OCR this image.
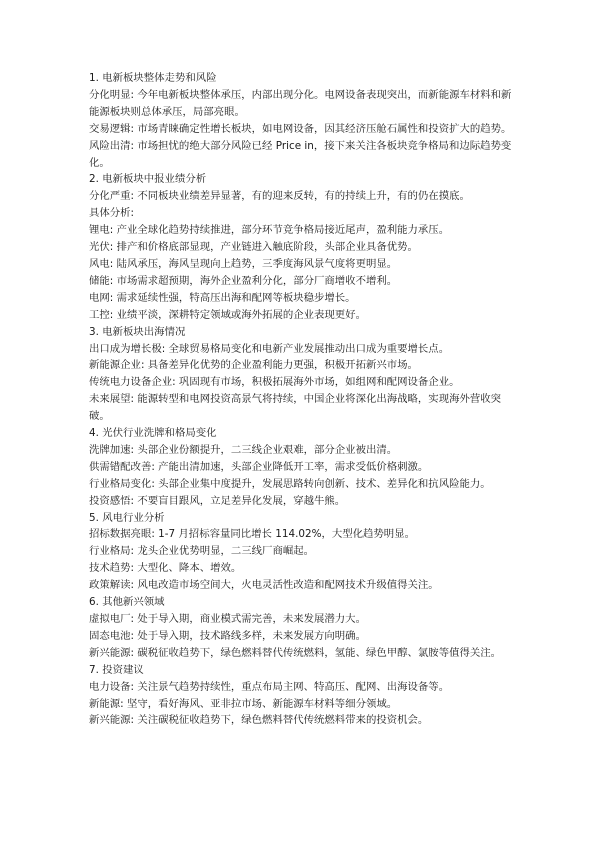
1. 电新板块整体走势和风险

分化明显: 今年电新板块整体承压，内部出现分化。电网设备表现突出，而新能源车材料和新能源板块则总体承压，局部亮眼。

交易逻辑: 市场青睐确定性增长板块，如电网设备，因其经济压舱石属性和投资扩大的趋势。

风险出清: 市场担忧的绝大部分风险已经 Price in，接下来关注各板块竞争格局和边际趋势变化。

2. 电新板块中报业绩分析

分化严重: 不同板块业绩差异显著，有的迎来反转，有的持续上升，有的仍在摸底。

具体分析:

锂电: 产业全球化趋势持续推进，部分环节竞争格局接近尾声，盈利能力承压。

光伏: 排产和价格底部显现，产业链进入触底阶段，头部企业具备优势。

风电: 陆风承压，海风呈现向上趋势，三季度海风景气度将更明显。

储能: 市场需求超预期，海外企业盈利分化，部分厂商增收不增利。

电网: 需求延续性强，特高压出海和配网等板块稳步增长。

工控: 业绩平淡，深耕特定领域或海外拓展的企业表现更好。

3. 电新板块出海情况

出口成为增长极: 全球贸易格局变化和电新产业发展推动出口成为重要增长点。

新能源企业: 具备差异化优势的企业盈利能力更强，积极开拓新兴市场。

传统电力设备企业: 巩固现有市场，积极拓展海外市场，如组网和配网设备企业。

未来展望: 能源转型和电网投资高景气将持续，中国企业将深化出海战略，实现海外营收突破。

4. 光伏行业洗牌和格局变化

洗牌加速: 头部企业份额提升，二三线企业艰难，部分企业被出清。

供需错配改善: 产能出清加速，头部企业降低开工率，需求受低价格刺激。

行业格局变化: 头部企业集中度提升，发展思路转向创新、技术、差异化和抗风险能力。

投资感悟: 不要盲目跟风，立足差异化发展，穿越牛熊。

5. 风电行业分析

招标数据亮眼: 1-7 月招标容量同比增长 114.02%，大型化趋势明显。

行业格局: 龙头企业优势明显，二三线厂商崛起。

技术趋势: 大型化、降本、增效。

政策解读: 风电改造市场空间大，火电灵活性改造和配网技术升级值得关注。

6. 其他新兴领域

虚拟电厂: 处于导入期，商业模式需完善，未来发展潜力大。

固态电池: 处于导入期，技术路线多样，未来发展方向明确。

新兴能源: 碳税征收趋势下，绿色燃料替代传统燃料，氢能、绿色甲醇、氯胺等值得关注。

7. 投资建议

电力设备: 关注景气趋势持续性，重点布局主网、特高压、配网、出海设备等。

新能源: 坚守，看好海风、亚非拉市场、新能源车材料等细分领域。

新兴能源: 关注碳税征收趋势下，绿色燃料替代传统燃料带来的投资机会。
